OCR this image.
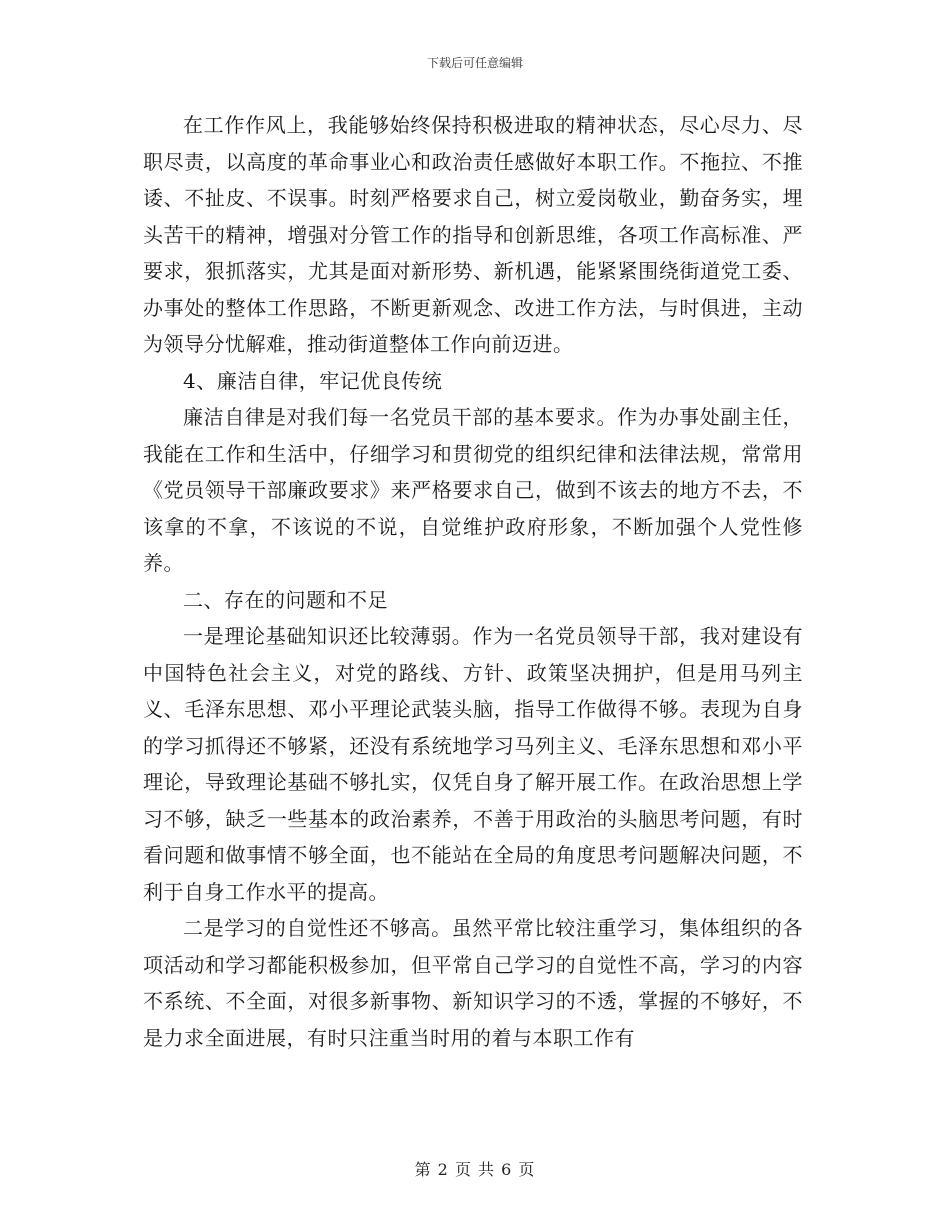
下载后可任意编辑

在工作作风上，我能够始终保持积极进取的精神状态，尽心尽力、尽职尽责，以高度的革命事业心和政治责任感做好本职工作。不拖拉、不推诿、不扯皮、不误事。时刻严格要求自己，树立爱岗敬业，勤奋务实，埋头苦干的精神，增强对分管工作的指导和创新思维，各项工作高标准、严要求，狠抓落实，尤其是面对新形势、新机遇，能紧紧围绕街道党工委、办事处的整体工作思路，不断更新观念、改进工作方法，与时俱进，主动为领导分忧解难，推动街道整体工作向前迈进。

4、廉洁自律，牢记优良传统

廉洁自律是对我们每一名党员干部的基本要求。作为办事处副主任，我能在工作和生活中，仔细学习和贯彻党的组织纪律和法律法规，常常用《党员领导干部廉政要求》来严格要求自己，做到不该去的地方不去，不该拿的不拿，不该说的不说，自觉维护政府形象，不断加强个人党性修养。

二、存在的问题和不足

一是理论基础知识还比较薄弱。作为一名党员领导干部，我对建设有中国特色社会主义，对党的路线、方针、政策坚决拥护，但是用马列主义、毛泽东思想、邓小平理论武装头脑，指导工作做得不够。表现为自身的学习抓得还不够紧，还没有系统地学习马列主义、毛泽东思想和邓小平理论，导致理论基础不够扎实，仅凭自身了解开展工作。在政治思想上学习不够，缺乏一些基本的政治素养，不善于用政治的头脑思考问题，有时看问题和做事情不够全面，也不能站在全局的角度思考问题解决问题，不利于自身工作水平的提高。

二是学习的自觉性还不够高。虽然平常比较注重学习，集体组织的各项活动和学习都能积极参加，但平常自己学习的自觉性不高，学习的内容不系统、不全面，对很多新事物、新知识学习的不透，掌握的不够好，不是力求全面进展，有时只注重当时用的着与本职工作有

第 2 页 共 6 页
